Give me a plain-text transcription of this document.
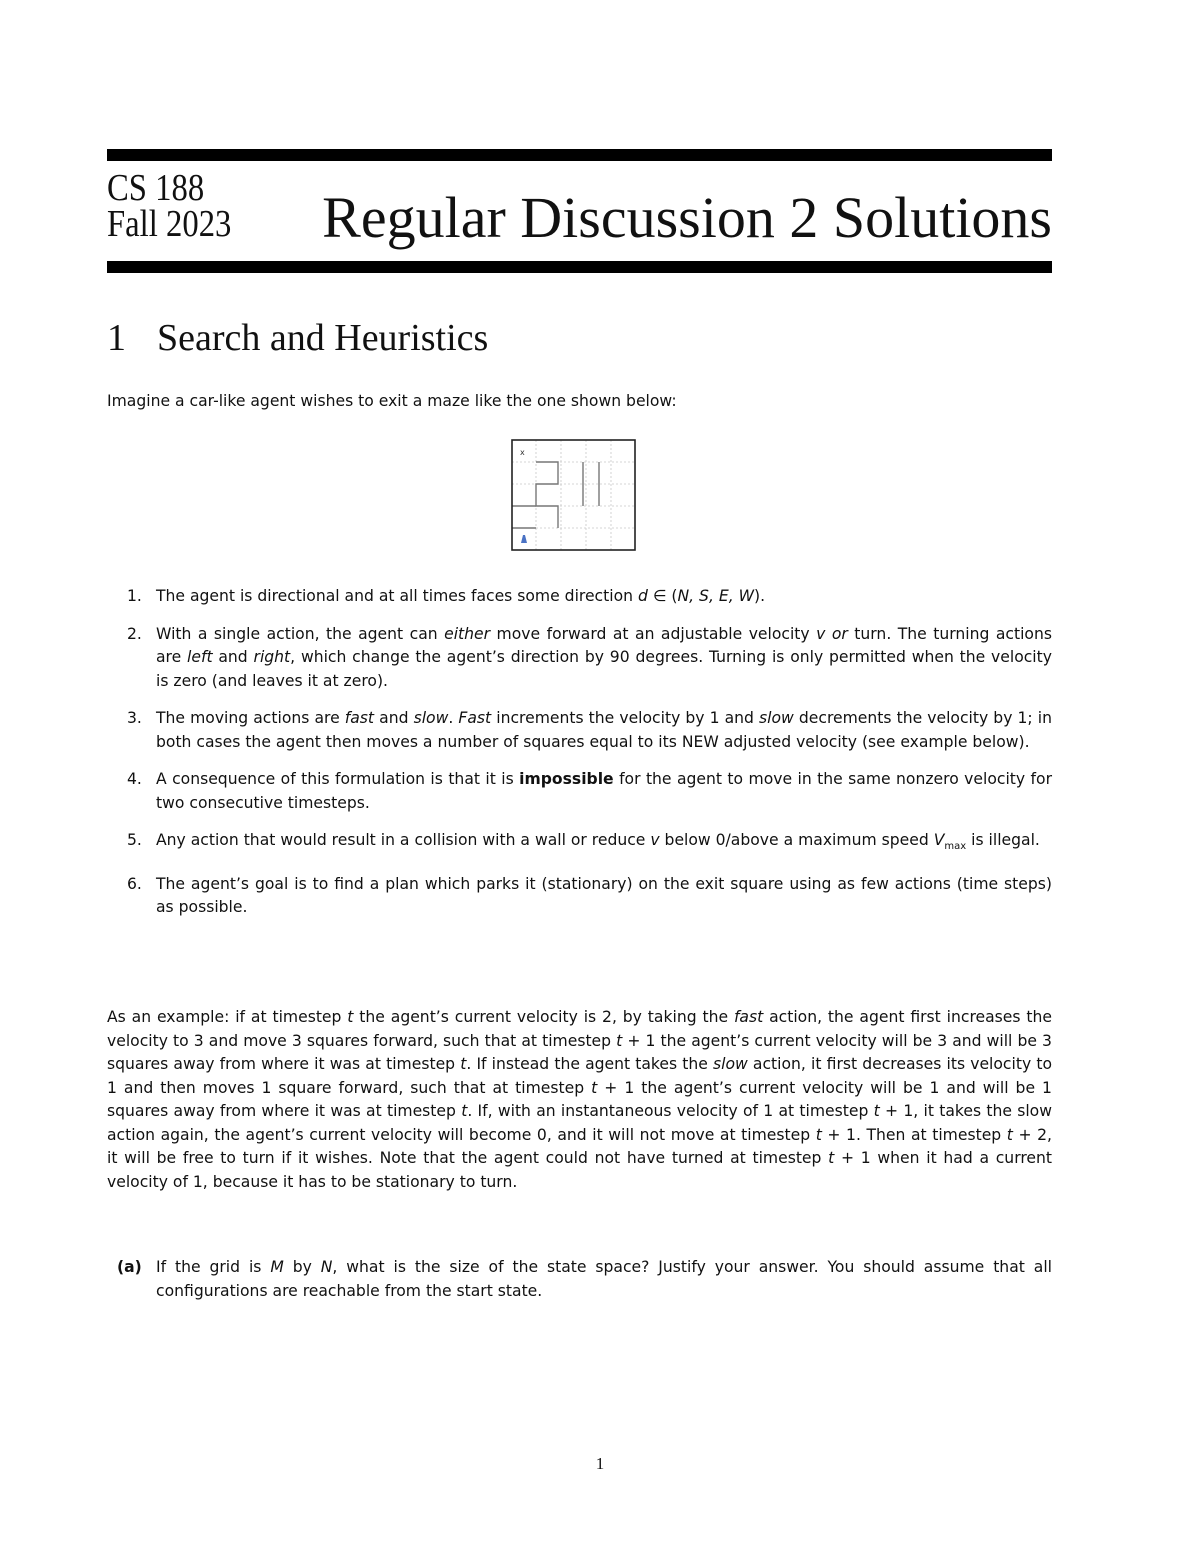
CS 188
Fall 2023 Regular Discussion 2 Solutions
1 Search and Heuristics
Imagine a car-like agent wishes to exit a maze like the one shown below:
x
1. The agent is directional and at all times faces some direction d ∈ (N, S, E, W).
2. With a single action, the agent can either move forward at an adjustable velocity v or turn. The turning actions are left and right, which change the agent’s direction by 90 degrees. Turning is only permitted when the velocity is zero (and leaves it at zero).
3. The moving actions are fast and slow. Fast increments the velocity by 1 and slow decrements the velocity by 1; in both cases the agent then moves a number of squares equal to its NEW adjusted velocity (see example below).
4. A consequence of this formulation is that it is impossible for the agent to move in the same nonzero velocity for two consecutive timesteps.
5. Any action that would result in a collision with a wall or reduce v below 0/above a maximum speed $V_{max}$ is illegal.
6. The agent’s goal is to find a plan which parks it (stationary) on the exit square using as few actions (time steps) as possible.
As an example: if at timestep t the agent’s current velocity is 2, by taking the fast action, the agent first increases the velocity to 3 and move 3 squares forward, such that at timestep t + 1 the agent’s current velocity will be 3 and will be 3 squares away from where it was at timestep t. If instead the agent takes the slow action, it first decreases its velocity to 1 and then moves 1 square forward, such that at timestep t + 1 the agent’s current velocity will be 1 and will be 1 squares away from where it was at timestep t. If, with an instantaneous velocity of 1 at timestep t + 1, it takes the slow action again, the agent’s current velocity will become 0, and it will not move at timestep t + 1. Then at timestep t + 2, it will be free to turn if it wishes. Note that the agent could not have turned at timestep t + 1 when it had a current velocity of 1, because it has to be stationary to turn.
(a) If the grid is M by N, what is the size of the state space? Justify your answer. You should assume that all configurations are reachable from the start state.
1
